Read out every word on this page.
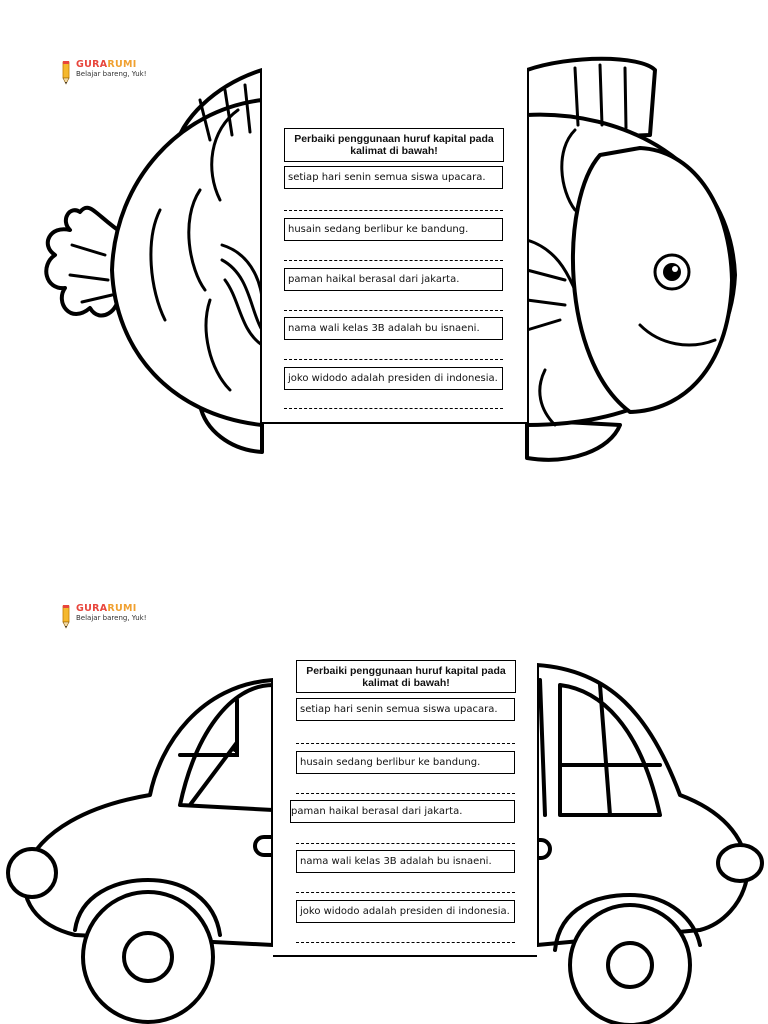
GURARUMI
Belajar bareng, Yuk!
Perbaiki penggunaan huruf kapital pada kalimat di bawah!
setiap hari senin semua siswa upacara.
husain sedang berlibur ke bandung.
paman haikal berasal dari jakarta.
nama wali kelas 3B adalah bu isnaeni.
joko widodo adalah presiden di indonesia.
GURARUMI
Belajar bareng, Yuk!
Perbaiki penggunaan huruf kapital pada kalimat di bawah!
setiap hari senin semua siswa upacara.
husain sedang berlibur ke bandung.
paman haikal berasal dari jakarta.
nama wali kelas 3B adalah bu isnaeni.
joko widodo adalah presiden di indonesia.
